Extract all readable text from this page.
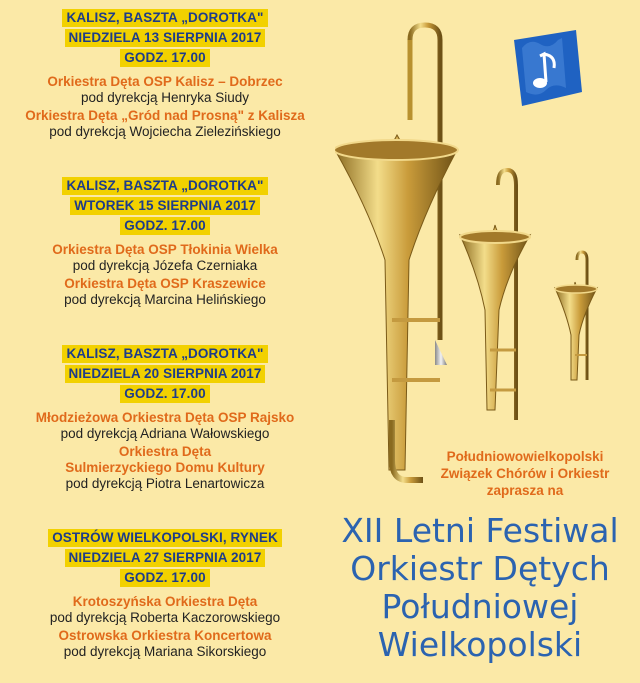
KALISZ, BASZTA „DOROTKA"
NIEDZIELA 13 SIERPNIA 2017
GODZ. 17.00
Orkiestra Dęta OSP Kalisz – Dobrzec
pod dyrekcją Henryka Siudy
Orkiestra Dęta „Gród nad Prosną" z Kalisza
pod dyrekcją Wojciecha Zielezińskiego
KALISZ, BASZTA „DOROTKA"
WTOREK 15 SIERPNIA 2017
GODZ. 17.00
Orkiestra Dęta OSP Tłokinia Wielka
pod dyrekcją Józefa Czerniaka
Orkiestra Dęta OSP Kraszewice
pod dyrekcją Marcina Helińskiego
KALISZ, BASZTA „DOROTKA"
NIEDZIELA 20 SIERPNIA 2017
GODZ. 17.00
Młodzieżowa Orkiestra Dęta OSP Rajsko
pod dyrekcją Adriana Wałowskiego
Orkiestra Dęta
Sulmierzyckiego Domu Kultury
pod dyrekcją Piotra Lenartowicza
OSTRÓW WIELKOPOLSKI, RYNEK
NIEDZIELA 27 SIERPNIA 2017
GODZ. 17.00
Krotoszyńska Orkiestra Dęta
pod dyrekcją Roberta Kaczorowskiego
Ostrowska Orkiestra Koncertowa
pod dyrekcją Mariana Sikorskiego
Południowowielkopolski
Związek Chórów i Orkiestr
zaprasza na
XII Letni Festiwal
Orkiestr Dętych
Południowej
Wielkopolski
